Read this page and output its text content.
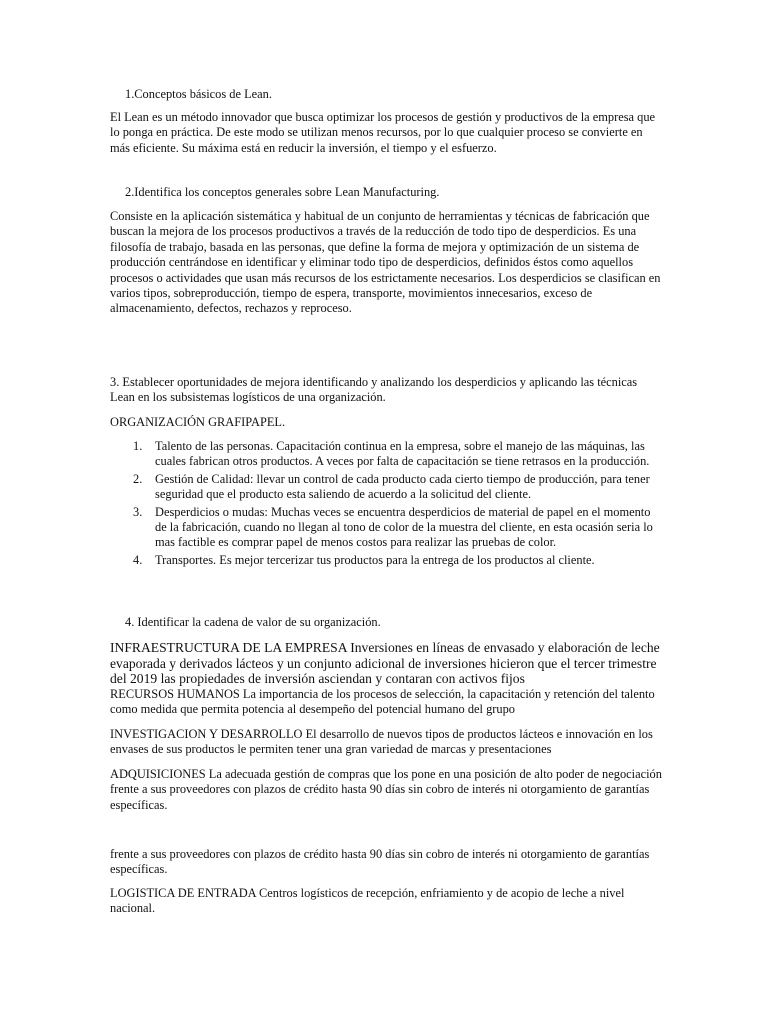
1.Conceptos básicos de Lean.

El Lean es un método innovador que busca optimizar los procesos de gestión y productivos de la empresa que lo ponga en práctica. De este modo se utilizan menos recursos, por lo que cualquier proceso se convierte en más eficiente. Su máxima está en reducir la inversión, el tiempo y el esfuerzo.

2.Identifica los conceptos generales sobre Lean Manufacturing.

Consiste en la aplicación sistemática y habitual de un conjunto de herramientas y técnicas de fabricación que buscan la mejora de los procesos productivos a través de la reducción de todo tipo de desperdicios. Es una filosofía de trabajo, basada en las personas, que define la forma de mejora y optimización de un sistema de producción centrándose en identificar y eliminar todo tipo de desperdicios, definidos éstos como aquellos procesos o actividades que usan más recursos de los estrictamente necesarios. Los desperdicios se clasifican en varios tipos, sobreproducción, tiempo de espera, transporte, movimientos innecesarios, exceso de almacenamiento, defectos, rechazos y reproceso.

3. Establecer oportunidades de mejora identificando y analizando los desperdicios y aplicando las técnicas Lean en los subsistemas logísticos de una organización.

ORGANIZACIÓN GRAFIPAPEL.

1. Talento de las personas. Capacitación continua en la empresa, sobre el manejo de las máquinas, las cuales fabrican otros productos. A veces por falta de capacitación se tiene retrasos en la producción.
2. Gestión de Calidad: llevar un control de cada producto cada cierto tiempo de producción, para tener seguridad que el producto esta saliendo de acuerdo a la solicitud del cliente.
3. Desperdicios o mudas: Muchas veces se encuentra desperdicios de material de papel en el momento de la fabricación, cuando no llegan al tono de color de la muestra del cliente, en esta ocasión seria lo mas factible es comprar papel de menos costos para realizar las pruebas de color.
4. Transportes. Es mejor tercerizar tus productos para la entrega de los productos al cliente.

4. Identificar la cadena de valor de su organización.

INFRAESTRUCTURA DE LA EMPRESA Inversiones en líneas de envasado y elaboración de leche evaporada y derivados lácteos y un conjunto adicional de inversiones hicieron que el tercer trimestre del 2019 las propiedades de inversión asciendan y contaran con activos fijos

RECURSOS HUMANOS La importancia de los procesos de selección, la capacitación y retención del talento como medida que permita potencia al desempeño del potencial humano del grupo

INVESTIGACION Y DESARROLLO El desarrollo de nuevos tipos de productos lácteos e innovación en los envases de sus productos le permiten tener una gran variedad de marcas y presentaciones

ADQUISICIONES La adecuada gestión de compras que los pone en una posición de alto poder de negociación frente a sus proveedores con plazos de crédito hasta 90 días sin cobro de interés ni otorgamiento de garantías específicas.

frente a sus proveedores con plazos de crédito hasta 90 días sin cobro de interés ni otorgamiento de garantías específicas.

LOGISTICA DE ENTRADA Centros logísticos de recepción, enfriamiento y de acopio de leche a nivel nacional.
